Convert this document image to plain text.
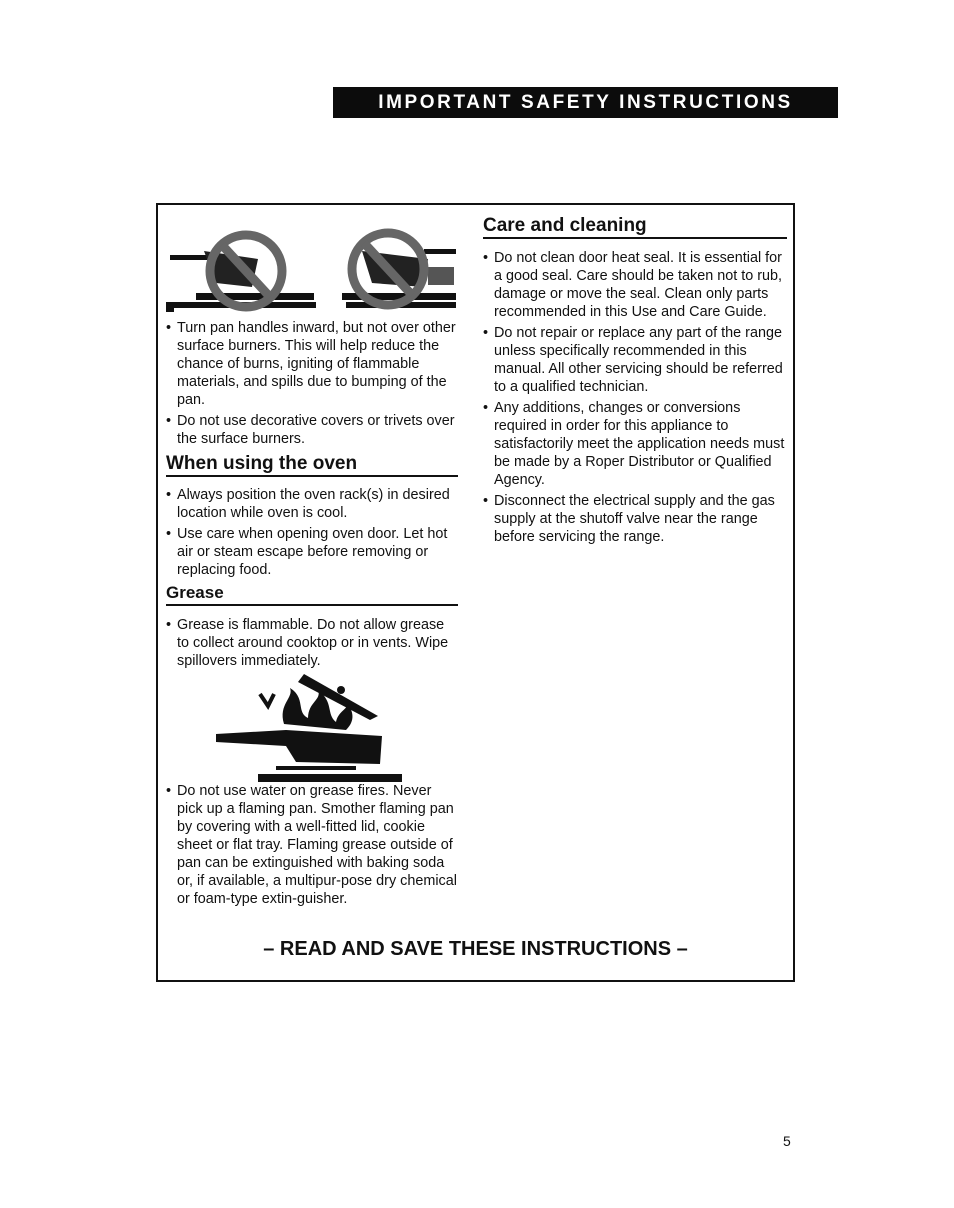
IMPORTANT SAFETY INSTRUCTIONS
• Turn pan handles inward, but not over other surface burners. This will help reduce the chance of burns, igniting of flammable materials, and spills due to bumping of the pan.
• Do not use decorative covers or trivets over the surface burners.
When using the oven
• Always position the oven rack(s) in desired location while oven is cool.
• Use care when opening oven door. Let hot air or steam escape before removing or replacing food.
Grease
• Grease is flammable. Do not allow grease to collect around cooktop or in vents. Wipe spillovers immediately.
• Do not use water on grease fires. Never pick up a flaming pan. Smother flaming pan by covering with a well-fitted lid, cookie sheet or flat tray. Flaming grease outside of pan can be extinguished with baking soda or, if available, a multipur-pose dry chemical or foam-type extin-guisher.
Care and cleaning
• Do not clean door heat seal. It is essential for a good seal. Care should be taken not to rub, damage or move the seal. Clean only parts recommended in this Use and Care Guide.
• Do not repair or replace any part of the range unless specifically recommended in this manual. All other servicing should be referred to a qualified technician.
• Any additions, changes or conversions required in order for this appliance to satisfactorily meet the application needs must be made by a Roper Distributor or Qualified Agency.
• Disconnect the electrical supply and the gas supply at the shutoff valve near the range before servicing the range.
– READ AND SAVE THESE INSTRUCTIONS –
5
